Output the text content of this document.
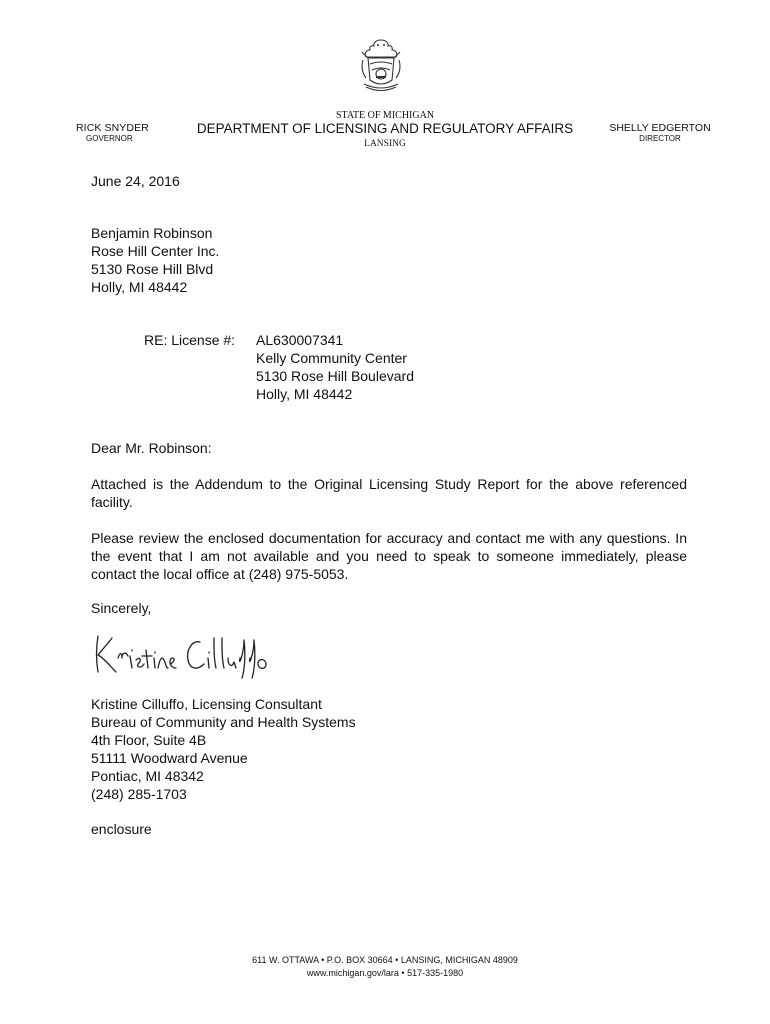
RICK SNYDER
GOVERNOR
STATE OF MICHIGAN
DEPARTMENT OF LICENSING AND REGULATORY AFFAIRS
LANSING
SHELLY EDGERTON
DIRECTOR
June 24, 2016
Benjamin Robinson
Rose Hill Center Inc.
5130 Rose Hill Blvd
Holly, MI 48442
RE: License #: AL630007341
Kelly Community Center
5130 Rose Hill Boulevard
Holly, MI 48442
Dear Mr. Robinson:
Attached is the Addendum to the Original Licensing Study Report for the above referenced facility.
Please review the enclosed documentation for accuracy and contact me with any questions. In the event that I am not available and you need to speak to someone immediately, please contact the local office at (248) 975-5053.
Sincerely,
Kristine Cilluffo, Licensing Consultant
Bureau of Community and Health Systems
4th Floor, Suite 4B
51111 Woodward Avenue
Pontiac, MI 48342
(248) 285-1703
enclosure
611 W. OTTAWA • P.O. BOX 30664 • LANSING, MICHIGAN 48909
www.michigan.gov/lara • 517-335-1980
